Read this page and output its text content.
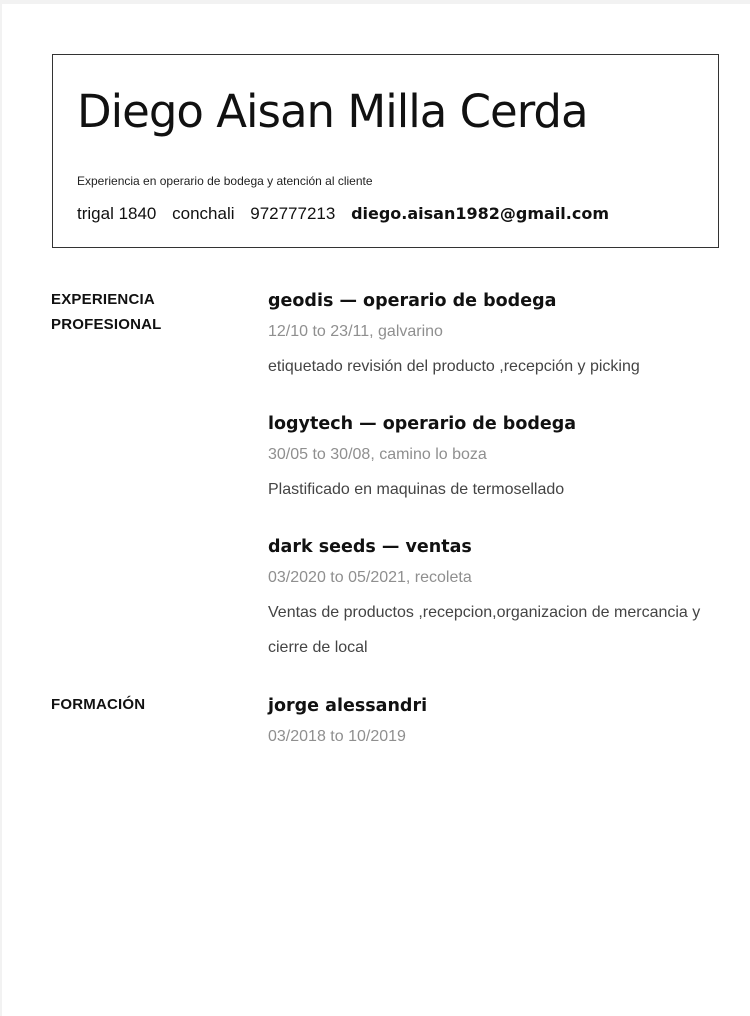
Diego Aisan Milla Cerda
Experiencia en operario de bodega y atención al cliente
trigal 1840 conchali 972777213 diego.aisan1982@gmail.com
EXPERIENCIA
PROFESIONAL
geodis — operario de bodega
12/10 to 23/11, galvarino
etiquetado revisión del producto ,recepción y picking
logytech — operario de bodega
30/05 to 30/08, camino lo boza
Plastificado en maquinas de termosellado
dark seeds — ventas
03/2020 to 05/2021, recoleta
Ventas de productos ,recepcion,organizacion de mercancia y cierre de local
FORMACIÓN	jorge alessandri
03/2018 to 10/2019
